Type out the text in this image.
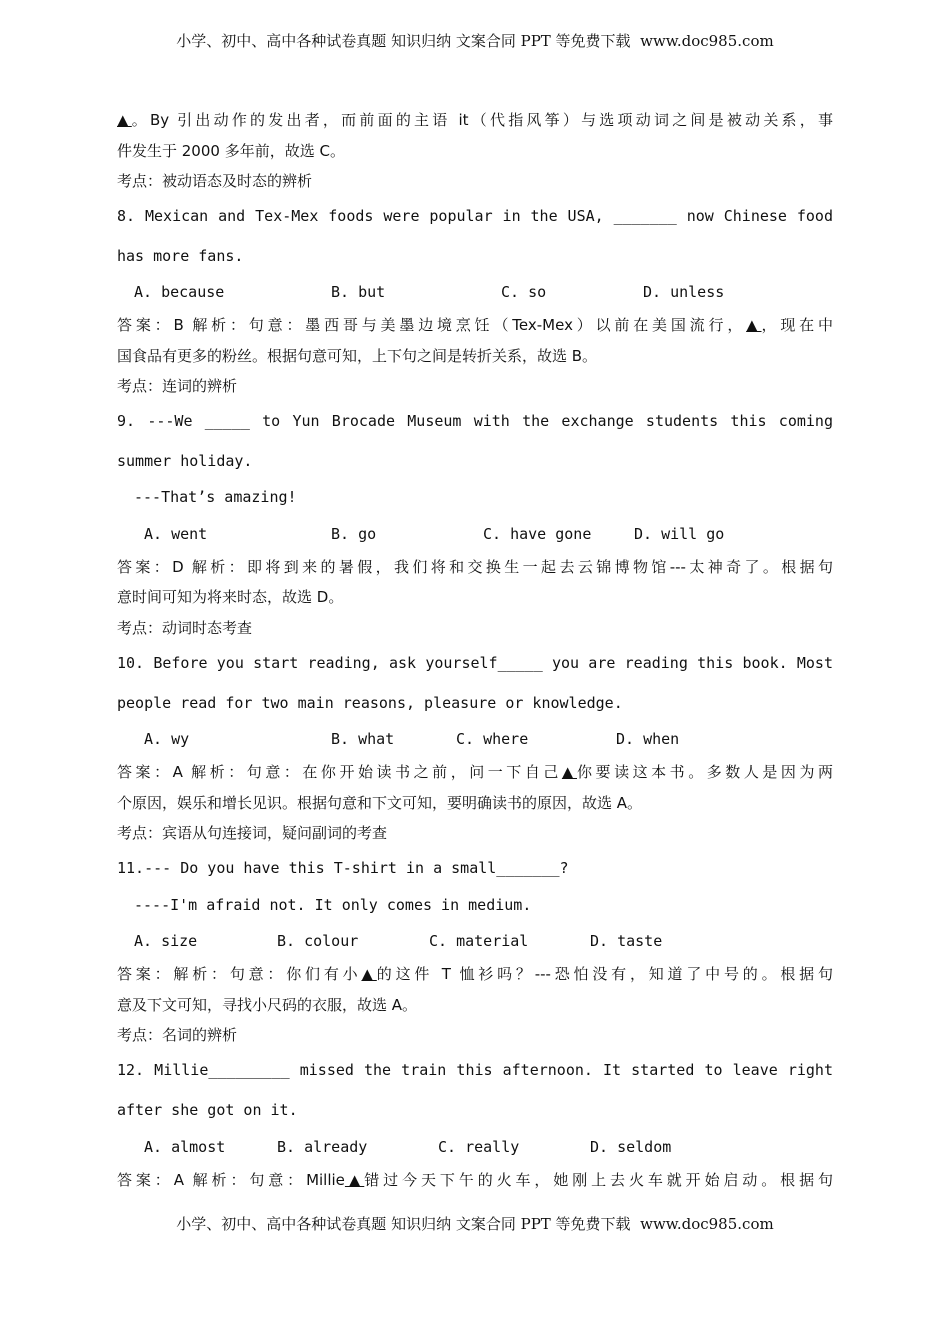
小学、初中、高中各种试卷真题 知识归纳 文案合同 PPT 等免费下载  www.doc985.com
▲。By 引出动作的发出者，而前面的主语 it（代指风筝）与选项动词之间是被动关系，事
件发生于 2000 多年前，故选 C。
考点：被动语态及时态的辨析
8. Mexican and Tex-Mex foods were popular in the USA, _______ now Chinese food
has more fans.
A. because	B. but	C. so	D. unless
答案：B 解析：句意：墨西哥与美墨边境烹饪（Tex-Mex）以前在美国流行，▲，现在中
国食品有更多的粉丝。根据句意可知，上下句之间是转折关系，故选 B。
考点：连词的辨析
9. ---We _____ to Yun Brocade Museum with the exchange students this coming
summer holiday.
---That’s amazing!
A. went	B. go	C. have gone	D. will go
答案：D 解析：即将到来的暑假，我们将和交换生一起去云锦博物馆---太神奇了。根据句
意时间可知为将来时态，故选 D。
考点：动词时态考查
10. Before you start reading, ask yourself_____ you are reading this book. Most
people read for two main reasons, pleasure or knowledge.
A. wy	B. what	C. where	D. when
答案：A 解析：句意：在你开始读书之前，问一下自己▲你要读这本书。多数人是因为两
个原因，娱乐和增长见识。根据句意和下文可知，要明确读书的原因，故选 A。
考点：宾语从句连接词，疑问副词的考查
11.--- Do you have this T-shirt in a small_______?
----I'm afraid not. It only comes in medium.
A. size	B. colour	C. material	D. taste
答案：解析：句意：你们有小▲的这件 T 恤衫吗？---恐怕没有，知道了中号的。根据句
意及下文可知，寻找小尺码的衣服，故选 A。
考点：名词的辨析
12. Millie_________ missed the train this afternoon. It started to leave right
after she got on it.
A. almost	B. already	C. really	D. seldom
答案：A 解析：句意：Millie▲错过今天下午的火车，她刚上去火车就开始启动。根据句
小学、初中、高中各种试卷真题 知识归纳 文案合同 PPT 等免费下载  www.doc985.com
